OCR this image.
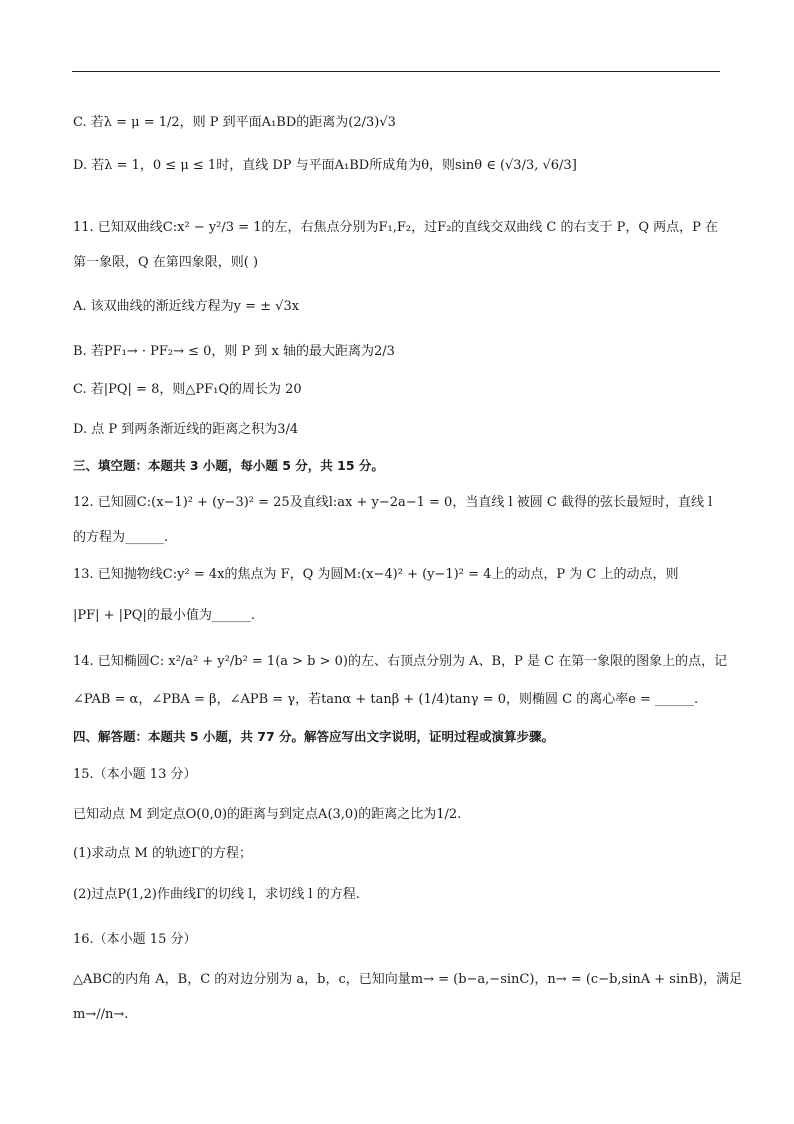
C. 若λ = μ = 1/2，则 P 到平面A₁BD的距离为(2/3)√3
D. 若λ = 1，0 ≤ μ ≤ 1时，直线 DP 与平面A₁BD所成角为θ，则sinθ ∈ (√3/3, √6/3]
11. 已知双曲线C:x² − y²/3 = 1的左，右焦点分别为F₁,F₂，过F₂的直线交双曲线 C 的右支于 P，Q 两点，P 在
第一象限，Q 在第四象限，则( )
A. 该双曲线的渐近线方程为y = ± √3x
B. 若PF₁→ · PF₂→ ≤ 0，则 P 到 x 轴的最大距离为2/3
C. 若|PQ| = 8，则△PF₁Q的周长为 20
D. 点 P 到两条渐近线的距离之积为3/4
三、填空题：本题共 3 小题，每小题 5 分，共 15 分。
12. 已知圆C:(x−1)² + (y−3)² = 25及直线l:ax + y−2a−1 = 0，当直线 l 被圆 C 截得的弦长最短时，直线 l
的方程为______.
13. 已知抛物线C:y² = 4x的焦点为 F，Q 为圆M:(x−4)² + (y−1)² = 4上的动点，P 为 C 上的动点，则
|PF| + |PQ|的最小值为______.
14. 已知椭圆C: x²/a² + y²/b² = 1(a > b > 0)的左、右顶点分别为 A、B，P 是 C 在第一象限的图象上的点，记
∠PAB = α，∠PBA = β，∠APB = γ，若tanα + tanβ + (1/4)tanγ = 0，则椭圆 C 的离心率e = ______.
四、解答题：本题共 5 小题，共 77 分。解答应写出文字说明，证明过程或演算步骤。
15.（本小题 13 分）
已知动点 M 到定点O(0,0)的距离与到定点A(3,0)的距离之比为1/2.
(1)求动点 M 的轨迹Γ的方程；
(2)过点P(1,2)作曲线Γ的切线 l，求切线 l 的方程.
16.（本小题 15 分）
△ABC的内角 A，B，C 的对边分别为 a，b，c，已知向量m→ = (b−a,−sinC)，n→ = (c−b,sinA + sinB)，满足
m→//n→.
